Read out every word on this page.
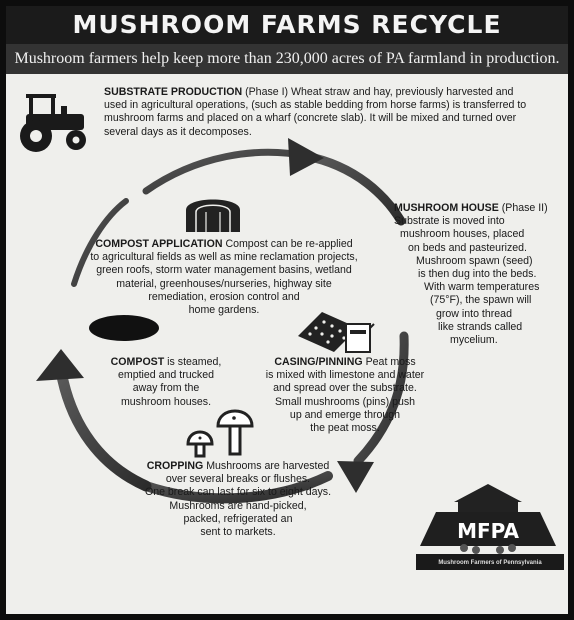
MUSHROOM FARMS RECYCLE
Mushroom farmers help keep more than 230,000 acres of PA farmland in production.
SUBSTRATE PRODUCTION (Phase I) Wheat straw and hay, previously harvested and
used in agricultural operations, (such as stable bedding from horse farms) is transferred to
mushroom farms and placed on a wharf (concrete slab). It will be mixed and turned over
several days as it decomposes.
MUSHROOM HOUSE (Phase II)
Substrate is moved into
mushroom houses, placed
on beds and pasteurized.
Mushroom spawn (seed)
is then dug into the beds.
With warm temperatures
(75°F), the spawn will
grow into thread
like strands called
mycelium.
COMPOST APPLICATION Compost can be re-applied
to agricultural fields as well as mine reclamation projects,
green roofs, storm water management basins, wetland
material, greenhouses/nurseries, highway site
remediation, erosion control and
home gardens.
COMPOST is steamed,
emptied and trucked
away from the
mushroom houses.
CASING/PINNING Peat moss
is mixed with limestone and water
and spread over the substrate.
Small mushrooms (pins) push
up and emerge through
the peat moss.
CROPPING Mushrooms are harvested
over several breaks or flushes.
One break can last for six to eight days.
Mushrooms are hand-picked,
packed, refrigerated an
sent to markets.	MFPA
Mushroom Farmers of Pennsylvania
